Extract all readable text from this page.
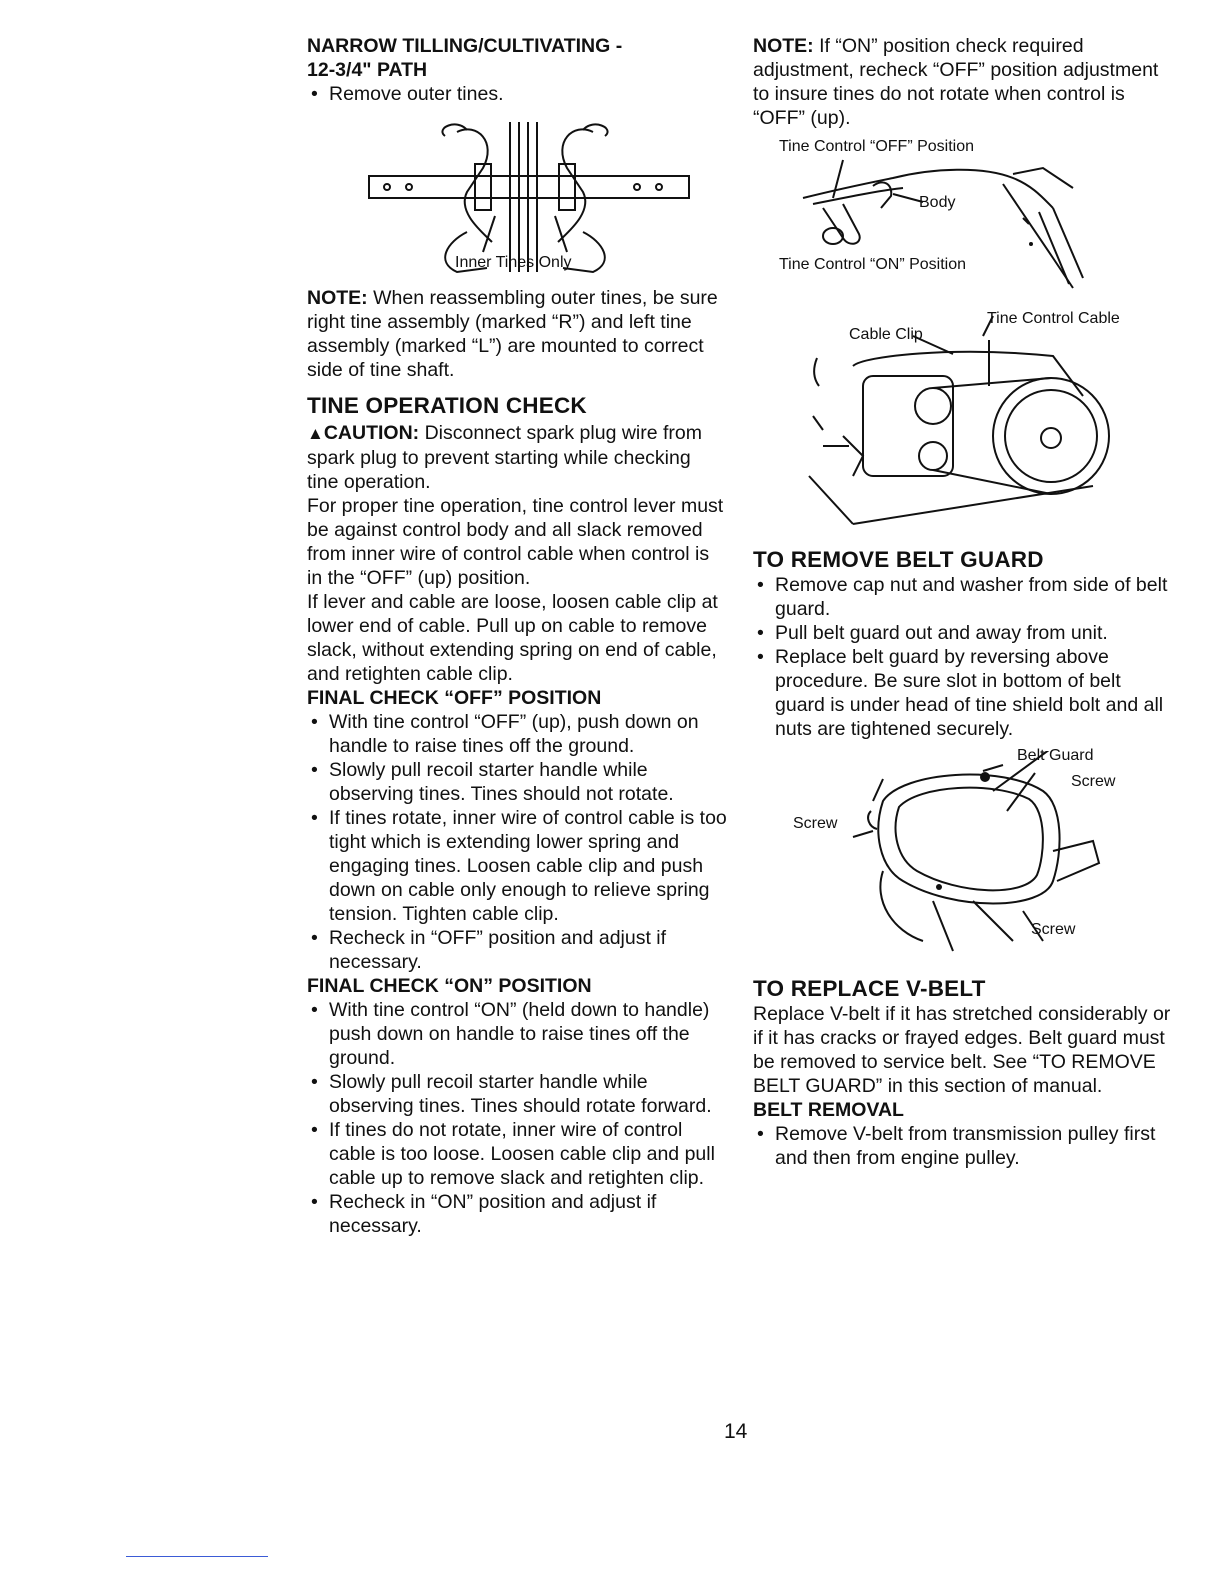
NARROW TILLING/CULTIVATING -

12-3/4" PATH

• Remove outer tines.
Inner Tines Only

NOTE: When reassembling outer tines, be sure right tine assembly (marked “R”) and left tine assembly (marked “L”) are mounted to correct side of tine shaft.

TINE OPERATION CHECK

▲CAUTION: Disconnect spark plug wire from spark plug to prevent starting while checking tine operation.

For proper tine operation, tine control lever must be against control body and all slack removed from inner wire of control cable when control is in the “OFF” (up) position.

If lever and cable are loose, loosen cable clip at lower end of cable. Pull up on cable to remove slack, without extending spring on end of cable, and retighten cable clip.

FINAL CHECK “OFF” POSITION

• With tine control “OFF” (up), push down on handle to raise tines off the ground.
• Slowly pull recoil starter handle while observing tines. Tines should not rotate.
• If tines rotate, inner wire of control cable is too tight which is extending lower spring and engaging tines. Loosen cable clip and push down on cable only enough to relieve spring tension. Tighten cable clip.
• Recheck in “OFF” position and adjust if necessary.

FINAL CHECK “ON” POSITION

• With tine control “ON” (held down to handle) push down on handle to raise tines off the ground.
• Slowly pull recoil starter handle while observing tines. Tines should rotate forward.
• If tines do not rotate, inner wire of control cable is too loose. Loosen cable clip and pull cable up to remove slack and retighten clip.
• Recheck in “ON” position and adjust if necessary.

NOTE: If “ON” position check required adjustment, recheck “OFF” position adjustment to insure tines do not rotate when control is “OFF” (up).

Tine Control “OFF” Position
Body
Tine Control “ON” Position
Tine Control Cable
Cable Clip
TO REMOVE BELT GUARD
• Remove cap nut and washer from side of belt guard.
• Pull belt guard out and away from unit.
• Replace belt guard by reversing above procedure. Be sure slot in bottom of belt guard is under head of tine shield bolt and all nuts are tightened securely.
Belt Guard
Screw
Screw
Screw
TO REPLACE V-BELT

Replace V-belt if it has stretched considerably or if it has cracks or frayed edges. Belt guard must be removed to service belt. See “TO REMOVE BELT GUARD” in this section of manual.

BELT REMOVAL

• Remove V-belt from transmission pulley first and then from engine pulley.
14
